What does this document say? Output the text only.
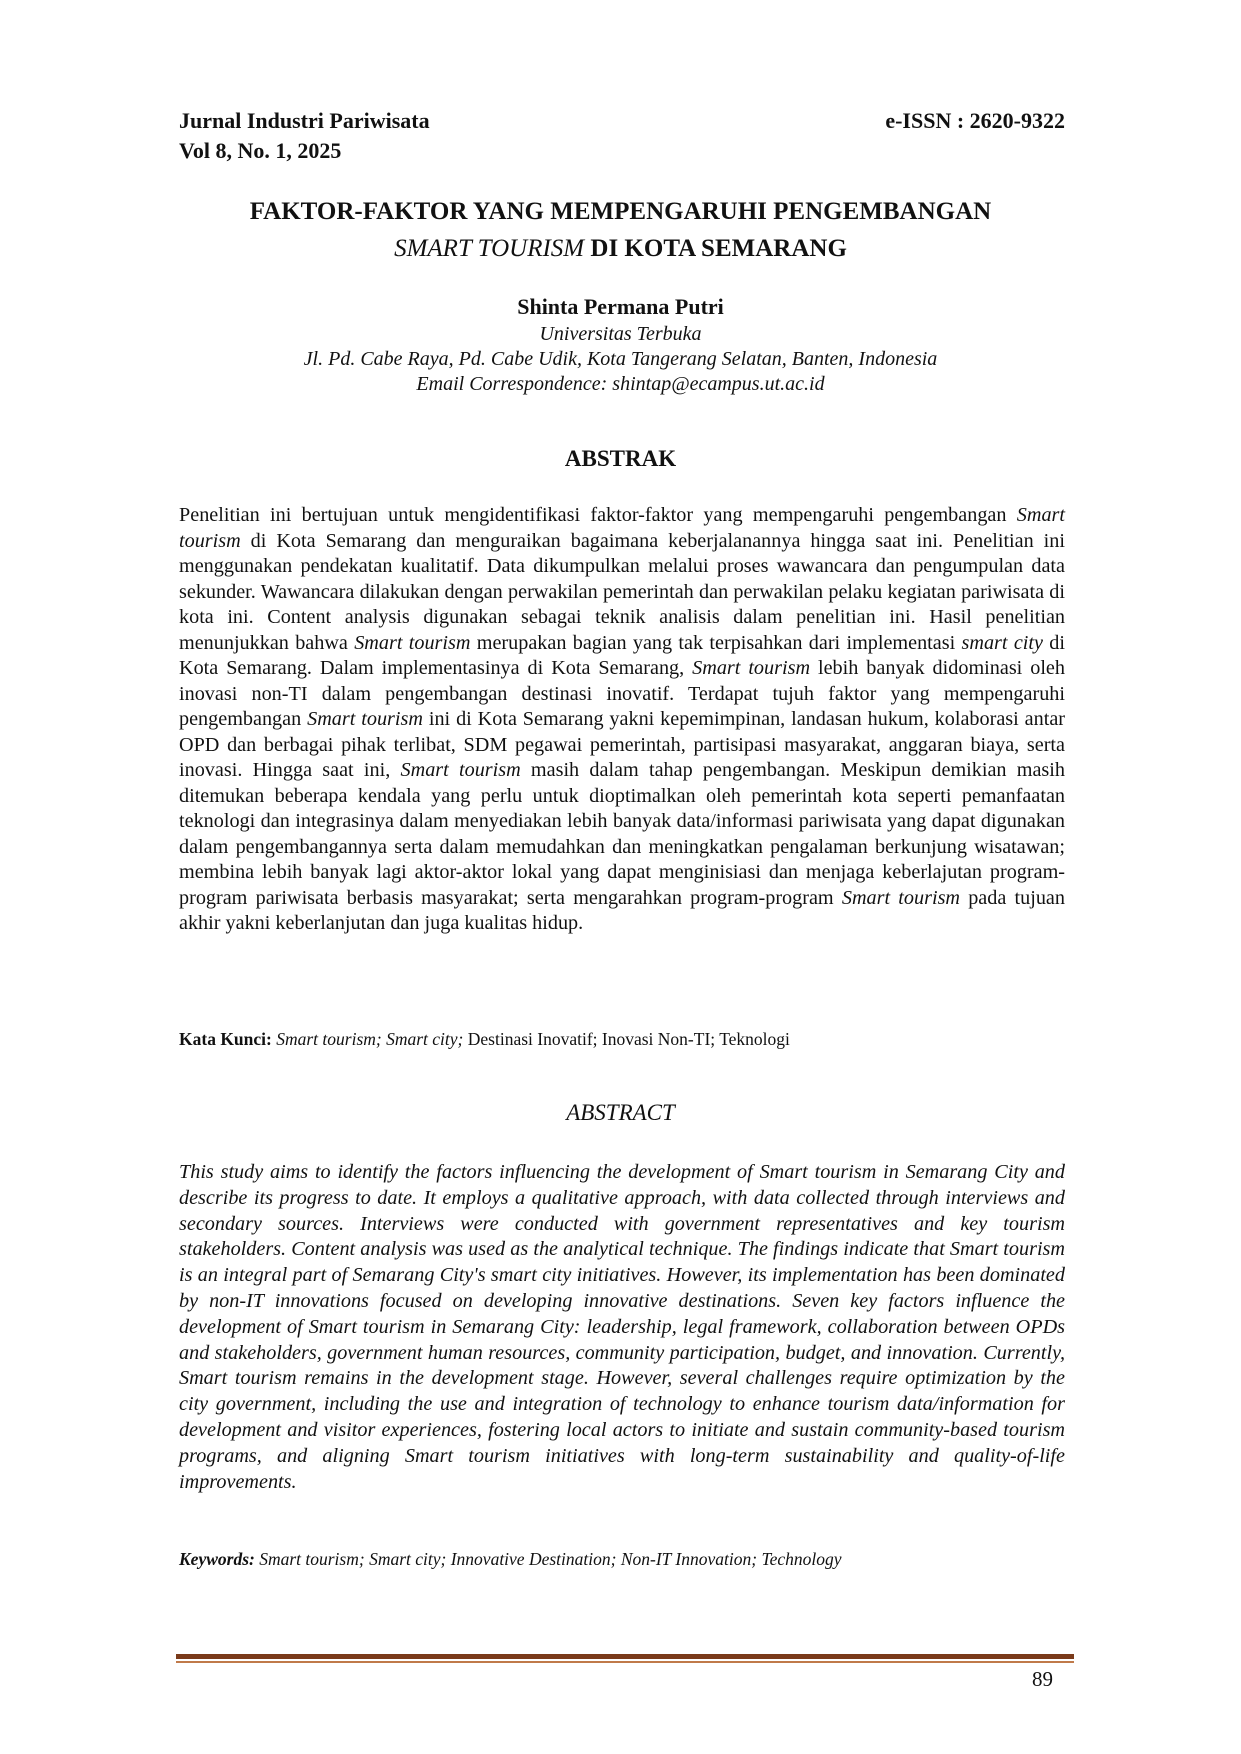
Jurnal Industri Pariwisata	e-ISSN : 2620-9322
Vol 8, No. 1, 2025
FAKTOR-FAKTOR YANG MEMPENGARUHI PENGEMBANGAN
SMART TOURISM DI KOTA SEMARANG
Shinta Permana Putri
Universitas Terbuka
Jl. Pd. Cabe Raya, Pd. Cabe Udik, Kota Tangerang Selatan, Banten, Indonesia
Email Correspondence: shintap@ecampus.ut.ac.id
ABSTRAK
Penelitian ini bertujuan untuk mengidentifikasi faktor-faktor yang mempengaruhi pengembangan Smart tourism di Kota Semarang dan menguraikan bagaimana keberjalanannya hingga saat ini. Penelitian ini menggunakan pendekatan kualitatif. Data dikumpulkan melalui proses wawancara dan pengumpulan data sekunder. Wawancara dilakukan dengan perwakilan pemerintah dan perwakilan pelaku kegiatan pariwisata di kota ini. Content analysis digunakan sebagai teknik analisis dalam penelitian ini. Hasil penelitian menunjukkan bahwa Smart tourism merupakan bagian yang tak terpisahkan dari implementasi smart city di Kota Semarang. Dalam implementasinya di Kota Semarang, Smart tourism lebih banyak didominasi oleh inovasi non-TI dalam pengembangan destinasi inovatif. Terdapat tujuh faktor yang mempengaruhi pengembangan Smart tourism ini di Kota Semarang yakni kepemimpinan, landasan hukum, kolaborasi antar OPD dan berbagai pihak terlibat, SDM pegawai pemerintah, partisipasi masyarakat, anggaran biaya, serta inovasi. Hingga saat ini, Smart tourism masih dalam tahap pengembangan. Meskipun demikian masih ditemukan beberapa kendala yang perlu untuk dioptimalkan oleh pemerintah kota seperti pemanfaatan teknologi dan integrasinya dalam menyediakan lebih banyak data/informasi pariwisata yang dapat digunakan dalam pengembangannya serta dalam memudahkan dan meningkatkan pengalaman berkunjung wisatawan; membina lebih banyak lagi aktor-aktor lokal yang dapat menginisiasi dan menjaga keberlajutan program-program pariwisata berbasis masyarakat; serta mengarahkan program-program Smart tourism pada tujuan akhir yakni keberlanjutan dan juga kualitas hidup.
Kata Kunci: Smart tourism; Smart city; Destinasi Inovatif; Inovasi Non-TI; Teknologi
ABSTRACT
This study aims to identify the factors influencing the development of Smart tourism in Semarang City and describe its progress to date. It employs a qualitative approach, with data collected through interviews and secondary sources. Interviews were conducted with government representatives and key tourism stakeholders. Content analysis was used as the analytical technique. The findings indicate that Smart tourism is an integral part of Semarang City's smart city initiatives. However, its implementation has been dominated by non-IT innovations focused on developing innovative destinations. Seven key factors influence the development of Smart tourism in Semarang City: leadership, legal framework, collaboration between OPDs and stakeholders, government human resources, community participation, budget, and innovation. Currently, Smart tourism remains in the development stage. However, several challenges require optimization by the city government, including the use and integration of technology to enhance tourism data/information for development and visitor experiences, fostering local actors to initiate and sustain community-based tourism programs, and aligning Smart tourism initiatives with long-term sustainability and quality-of-life improvements.
Keywords: Smart tourism; Smart city; Innovative Destination; Non-IT Innovation; Technology
89
